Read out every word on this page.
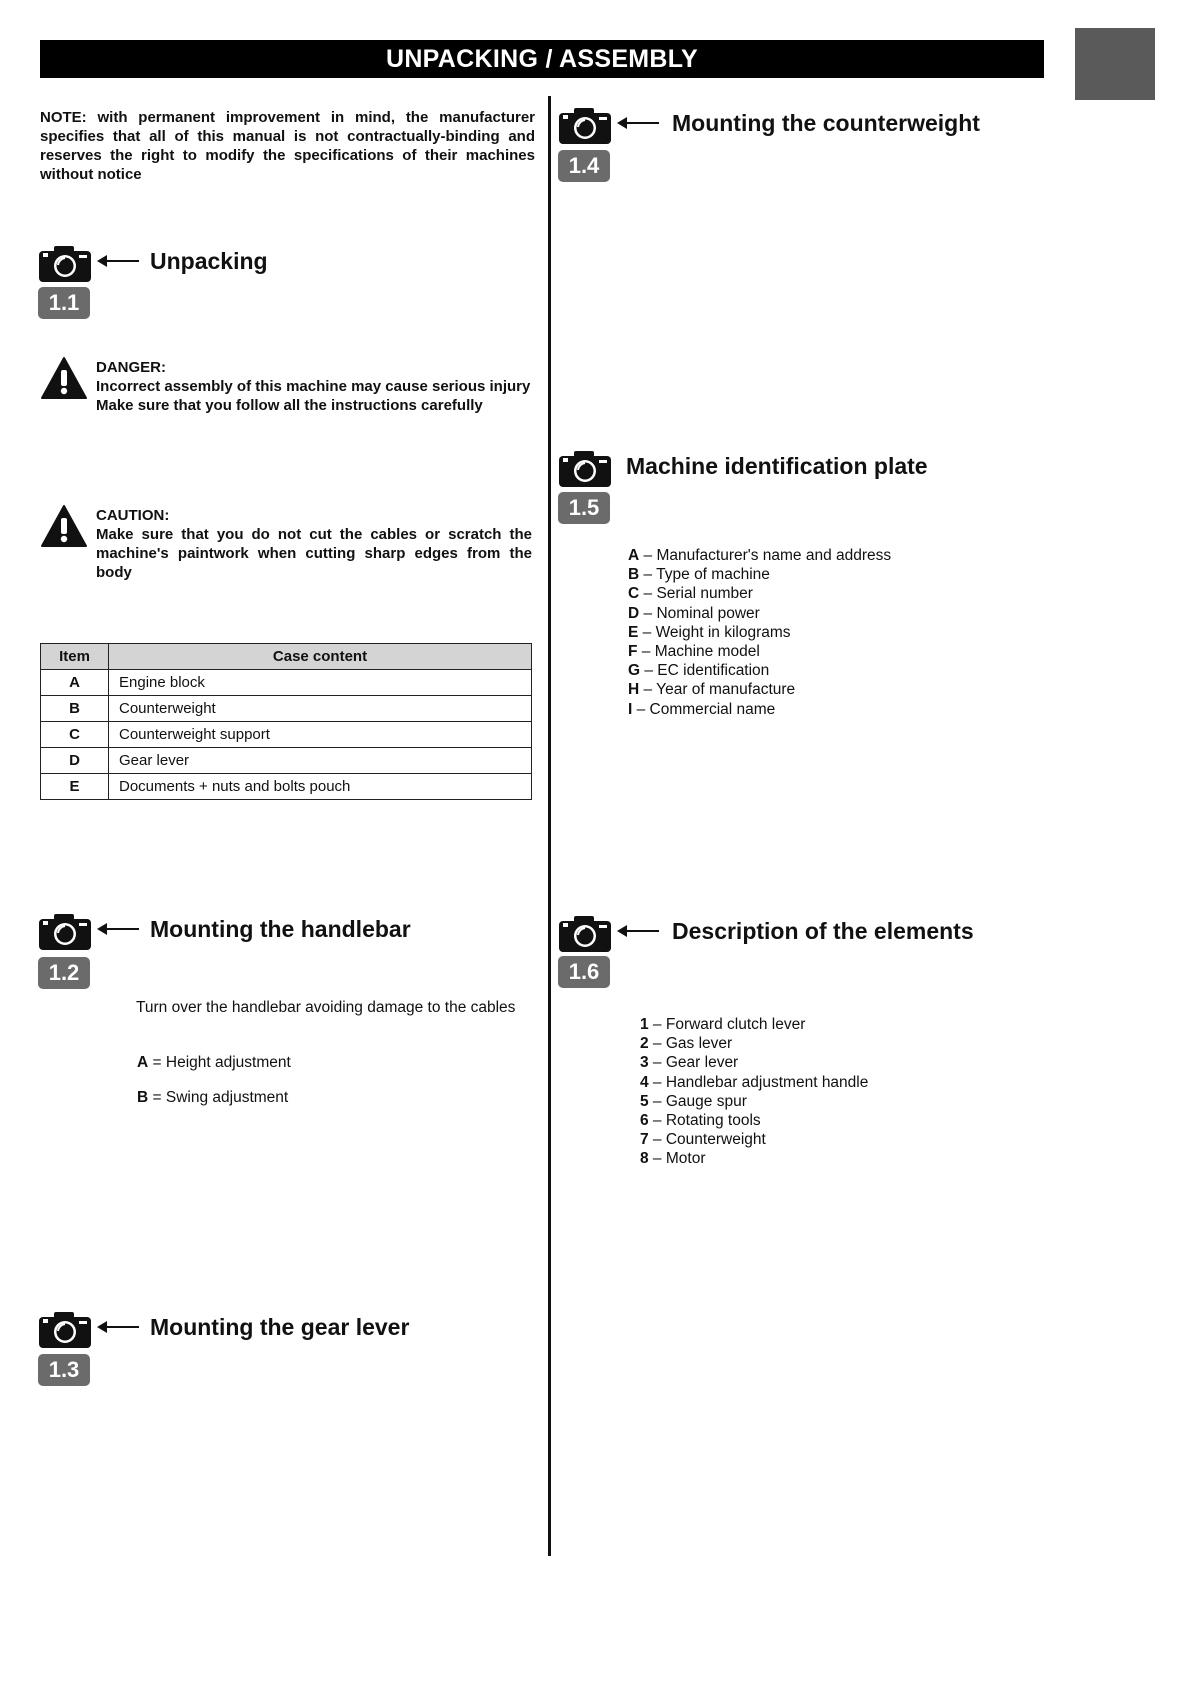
UNPACKING / ASSEMBLY
NOTE: with permanent improvement in mind, the manufacturer specifies that all of this manual is not contractually-binding and reserves the right to modify the specifications of their machines without notice
Unpacking
1.1
DANGER:
Incorrect assembly of this machine may cause serious injury
Make sure that you follow all the instructions carefully
CAUTION:
Make sure that you do not cut the cables or scratch the machine's paintwork when cutting sharp edges from the body
Item	Case content
A	Engine block
B	Counterweight
C	Counterweight support
D	Gear lever
E	Documents + nuts and bolts pouch
Mounting the handlebar
1.2
Turn over the handlebar avoiding damage to the cables
A = Height adjustment
B = Swing adjustment
Mounting the gear lever
1.3
Mounting the counterweight
1.4
Machine identification plate
1.5
A – Manufacturer's name and address
B – Type of machine
C – Serial number
D – Nominal power
E – Weight in kilograms
F – Machine model
G – EC identification
H – Year of manufacture
I – Commercial name
Description of the elements
1.6
1 – Forward clutch lever
2 – Gas lever
3 – Gear lever
4 – Handlebar adjustment handle
5 – Gauge spur
6 – Rotating tools
7 – Counterweight
8 – Motor
